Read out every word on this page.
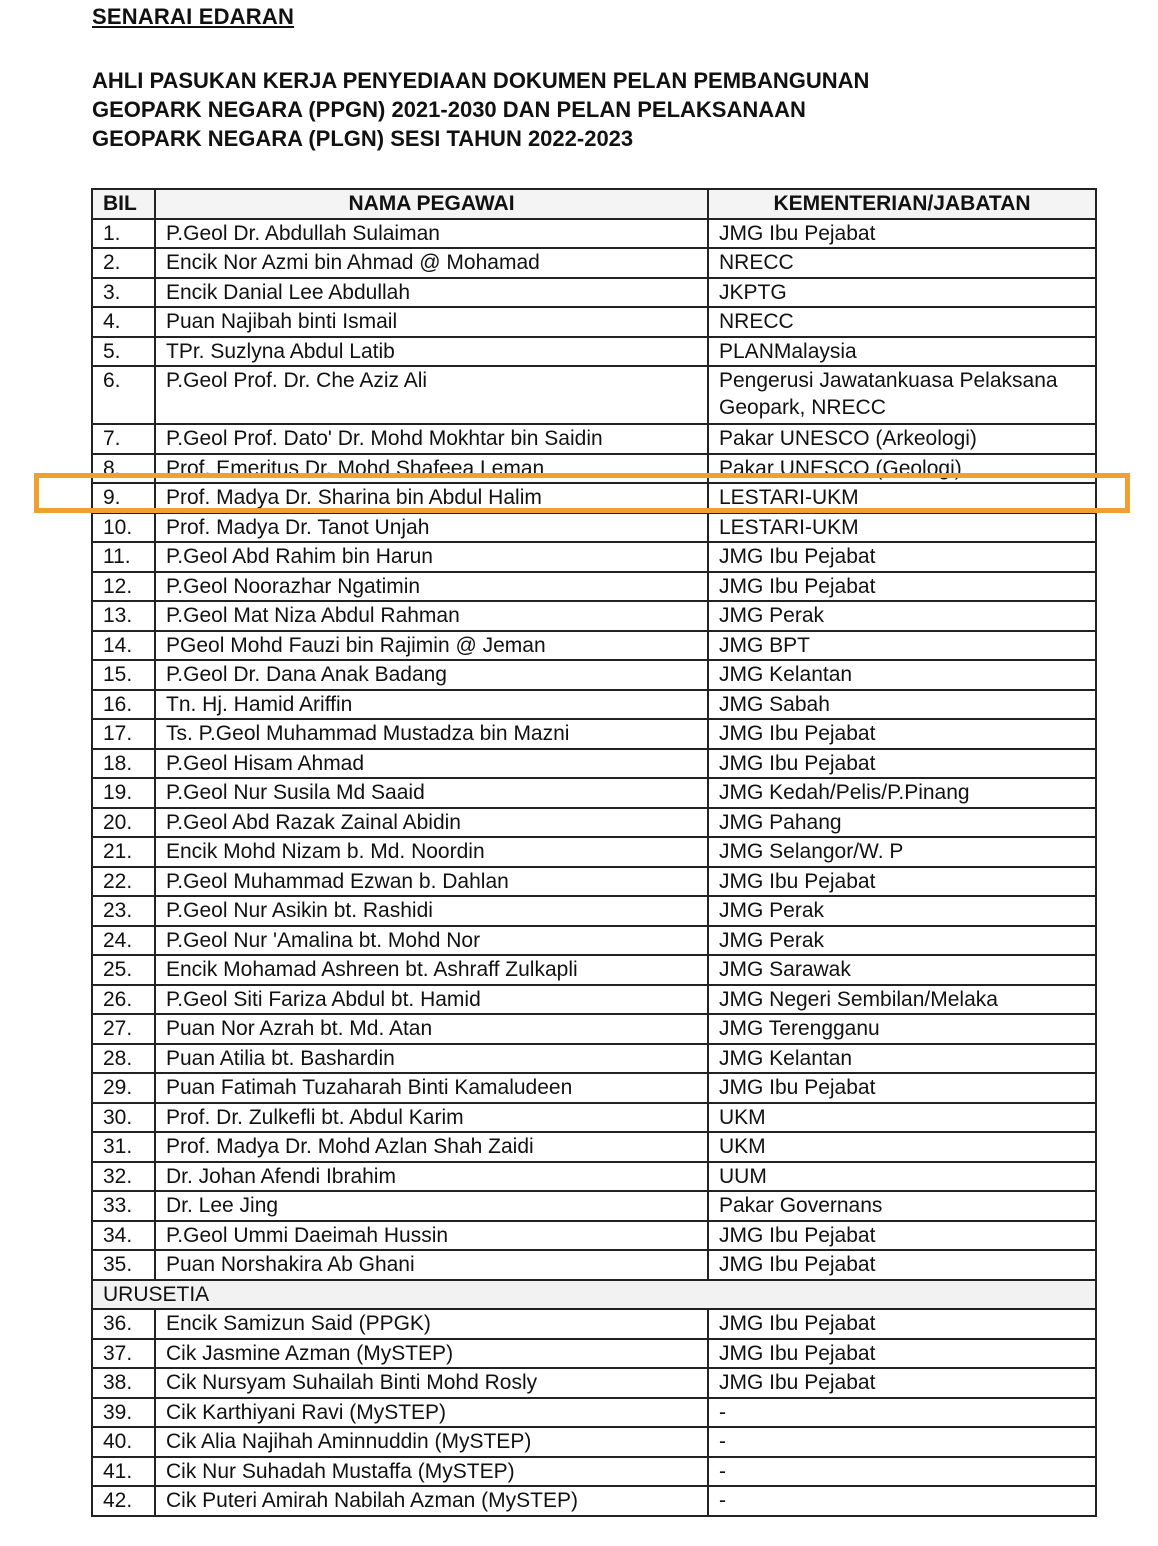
SENARAI EDARAN
AHLI PASUKAN KERJA PENYEDIAAN DOKUMEN PELAN PEMBANGUNAN
GEOPARK NEGARA (PPGN) 2021-2030 DAN PELAN PELAKSANAAN
GEOPARK NEGARA (PLGN) SESI TAHUN 2022-2023
BIL	NAMA PEGAWAI	KEMENTERIAN/JABATAN
1.	P.Geol Dr. Abdullah Sulaiman	JMG Ibu Pejabat
2.	Encik Nor Azmi bin Ahmad @ Mohamad	NRECC
3.	Encik Danial Lee Abdullah	JKPTG
4.	Puan Najibah binti Ismail	NRECC
5.	TPr. Suzlyna Abdul Latib	PLANMalaysia
6.	P.Geol Prof. Dr. Che Aziz Ali	Pengerusi Jawatankuasa Pelaksana Geopark, NRECC
7.	P.Geol Prof. Dato' Dr. Mohd Mokhtar bin Saidin	Pakar UNESCO (Arkeologi)
8.	Prof. Emeritus Dr. Mohd Shafeea Leman	Pakar UNESCO (Geologi)
9.	Prof. Madya Dr. Sharina bin Abdul Halim	LESTARI-UKM
10.	Prof. Madya Dr. Tanot Unjah	LESTARI-UKM
11.	P.Geol Abd Rahim bin Harun	JMG Ibu Pejabat
12.	P.Geol Noorazhar Ngatimin	JMG Ibu Pejabat
13.	P.Geol Mat Niza Abdul Rahman	JMG Perak
14.	PGeol Mohd Fauzi bin Rajimin @ Jeman	JMG BPT
15.	P.Geol Dr. Dana Anak Badang	JMG Kelantan
16.	Tn. Hj. Hamid Ariffin	JMG Sabah
17.	Ts. P.Geol Muhammad Mustadza bin Mazni	JMG Ibu Pejabat
18.	P.Geol Hisam Ahmad	JMG Ibu Pejabat
19.	P.Geol Nur Susila Md Saaid	JMG Kedah/Pelis/P.Pinang
20.	P.Geol Abd Razak Zainal Abidin	JMG Pahang
21.	Encik Mohd Nizam b. Md. Noordin	JMG Selangor/W. P
22.	P.Geol Muhammad Ezwan b. Dahlan	JMG Ibu Pejabat
23.	P.Geol Nur Asikin bt. Rashidi	JMG Perak
24.	P.Geol Nur 'Amalina bt. Mohd Nor	JMG Perak
25.	Encik Mohamad Ashreen bt. Ashraff Zulkapli	JMG Sarawak
26.	P.Geol Siti Fariza Abdul bt. Hamid	JMG Negeri Sembilan/Melaka
27.	Puan Nor Azrah bt. Md. Atan	JMG Terengganu
28.	Puan Atilia bt. Bashardin	JMG Kelantan
29.	Puan Fatimah Tuzaharah Binti Kamaludeen	JMG Ibu Pejabat
30.	Prof. Dr. Zulkefli bt. Abdul Karim	UKM
31.	Prof. Madya Dr. Mohd Azlan Shah Zaidi	UKM
32.	Dr. Johan Afendi Ibrahim	UUM
33.	Dr. Lee Jing	Pakar Governans
34.	P.Geol Ummi Daeimah Hussin	JMG Ibu Pejabat
35.	Puan Norshakira Ab Ghani	JMG Ibu Pejabat
URUSETIA		
36.	Encik Samizun Said (PPGK)	JMG Ibu Pejabat
37.	Cik Jasmine Azman (MySTEP)	JMG Ibu Pejabat
38.	Cik Nursyam Suhailah Binti Mohd Rosly	JMG Ibu Pejabat
39.	Cik Karthiyani Ravi (MySTEP)	-
40.	Cik Alia Najihah Aminnuddin (MySTEP)	-
41.	Cik Nur Suhadah Mustaffa (MySTEP)	-
42.	Cik Puteri Amirah Nabilah Azman (MySTEP)	-
